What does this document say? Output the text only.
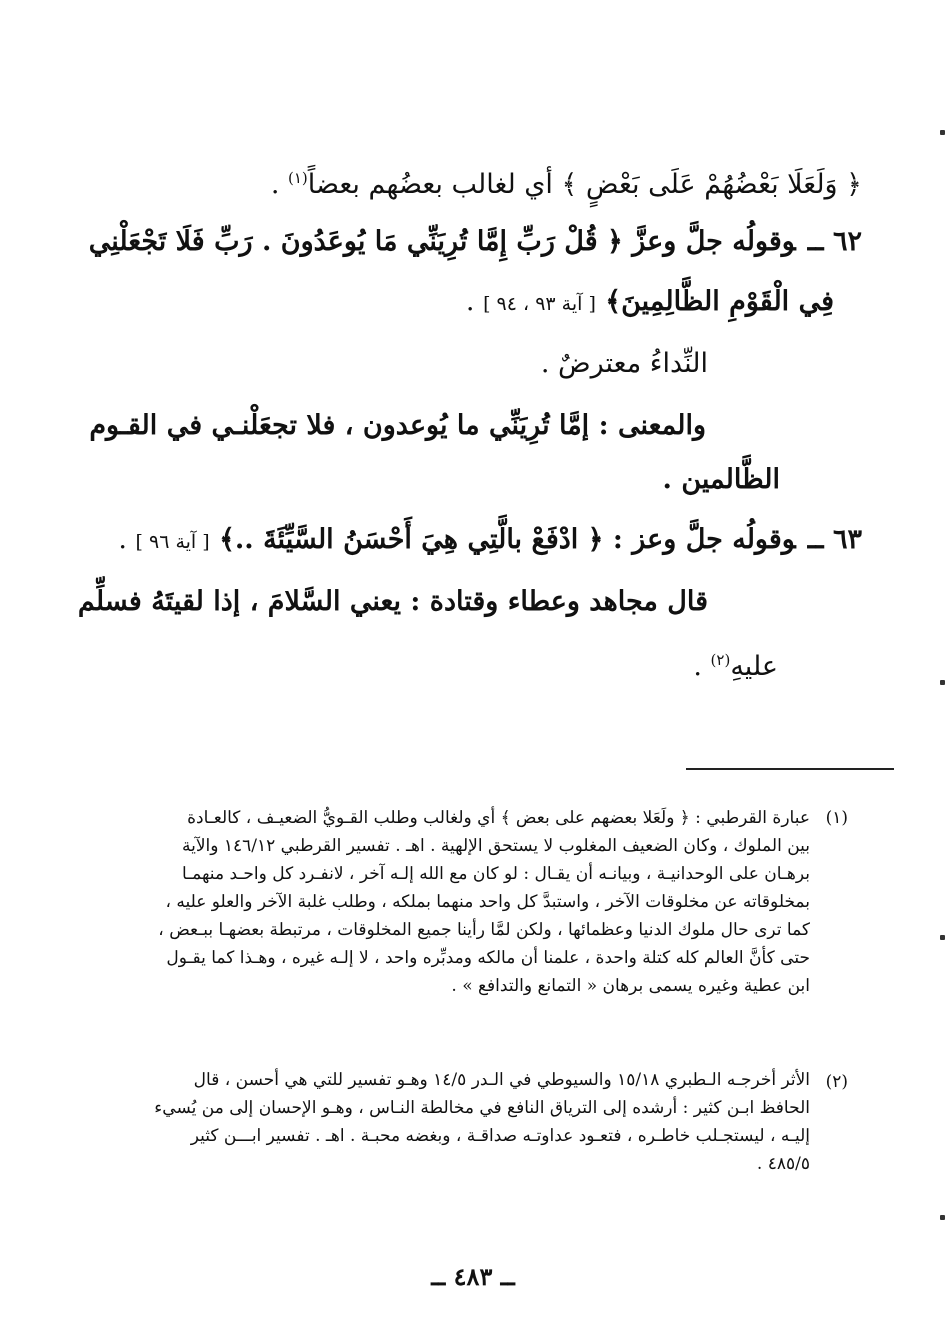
﴿ وَلَعَلَا بَعْضُهُمْ عَلَى بَعْضٍ ﴾ أي لغالب بعضُهم بعضاً$^{(١)}$ .
٦٢ ــوقولُه جلَّ وعزَّ ﴿ قُلْ رَبِّ إِمَّا تُرِيَنِّي مَا يُوعَدُونَ . رَبِّ فَلَا تَجْعَلْنِي
فِي الْقَوْمِ الظَّالِمِينَ﴾ [ آية ٩٣ ، ٩٤ ] .
النِّداءُ معترضٌ .
والمعنى : إمَّا تُرِيَنِّي ما يُوعدون ، فلا تجعَلْنـي في القـوم
الظَّالمين .
٦٣ ــوقولُه جلَّ وعز : ﴿ ادْفَعْ بالَّتِي هِيَ أَحْسَنُ السَّيِّئَةَ ..﴾ [ آية ٩٦ ] .
قال مجاهد وعطاء وقتادة : يعني السَّلامَ ، إذا لقيتَهُ فسلِّم
عليهِ$^{(٢)}$ .
(١)
عبارة القرطبي : ﴿ ولَعَلا بعضهم على بعض ﴾ أي ولغالب وطلب القـويُّ الضعيـف ، كالعـادة
بين الملوك ، وكان الضعيف المغلوب لا يستحق الإلهية . اهـ . تفسير القرطبي ١٤٦/١٢ والآية
برهـان على الوحدانيـة ، وبيانـه أن يقـال : لو كان مع الله إلـه آخر ، لانفـرد كل واحـد منهمـا
بمخلوقاته عن مخلوقات الآخر ، واستبدَّ كل واحد منهما بملكه ، وطلب غلبة الآخر والعلو عليه ،
كما ترى حال ملوك الدنيا وعظمائها ، ولكن لمَّا رأينا جميع المخلوقات ، مرتبطة بعضهـا ببـعض ،
حتى كأنَّ العالم كله كتلة واحدة ، علمنا أن مالكه ومدبِّره واحد ، لا إلـه غيره ، وهـذا كما يقـول
ابن عطية وغيره يسمى برهان « التمانع والتدافع » .
(٢)
الأثر أخرجـه الـطبري ١٥/١٨ والسيوطي في الـدر ١٤/٥ وهـو تفسير للتي هي أحسن ، قال
الحافظ ابـن كثير : أرشده إلى الترياق النافع في مخالطة النـاس ، وهـو الإحسان إلى من يُسيء
إليـه ، ليستجـلب خاطـره ، فتعـود عداوتـه صداقـة ، وبغضه محبـة . اهـ . تفسير ابـــن كثير
٤٨٥/٥ .
ــ ٤٨٣ ــ
